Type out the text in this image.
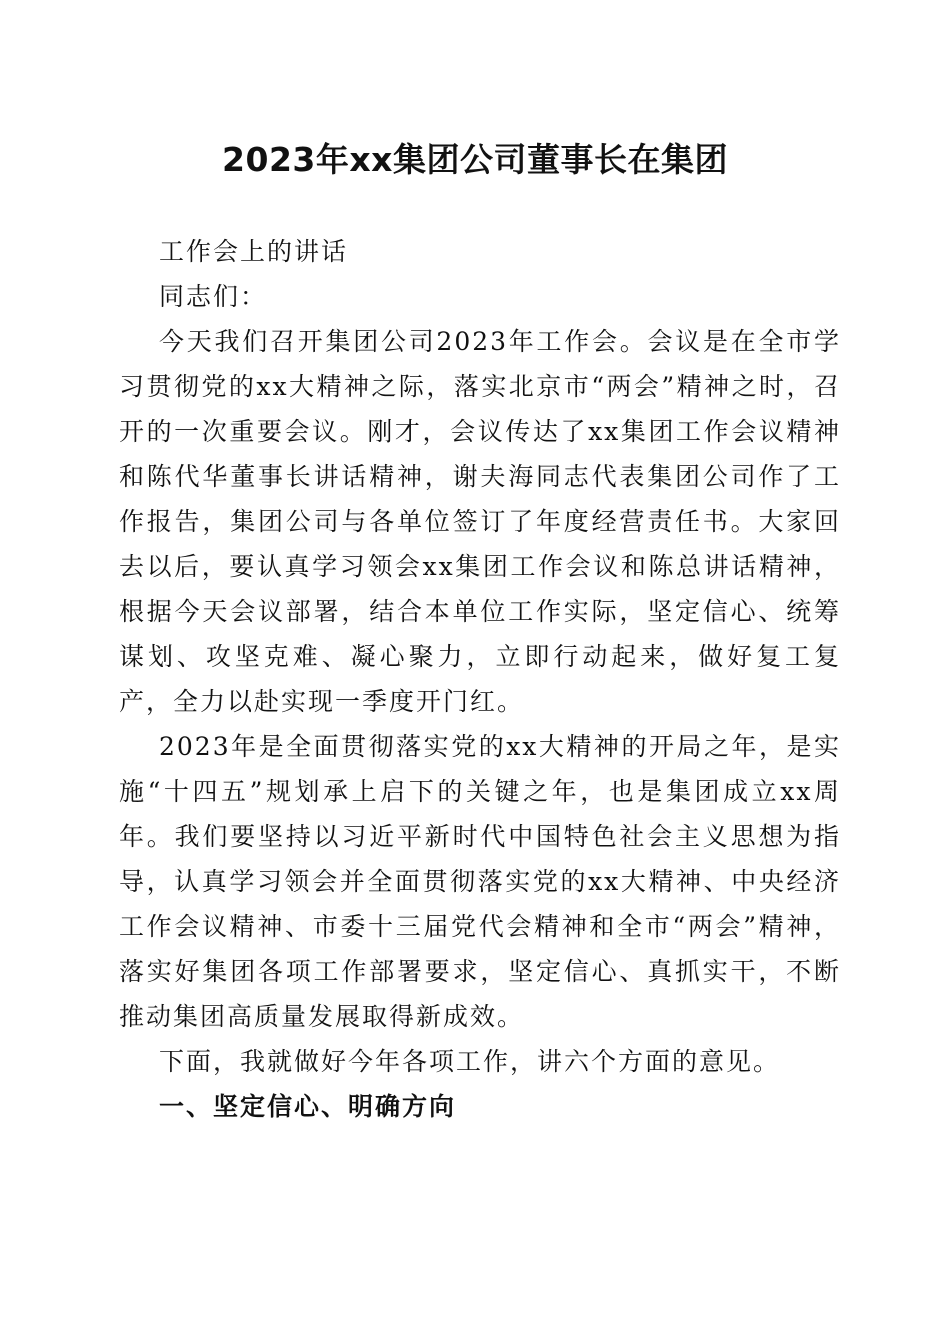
2023年xx集团公司董事长在集团

工作会上的讲话

同志们：

今天我们召开集团公司2023年工作会。会议是在全市学习贯彻党的xx大精神之际，落实北京市“两会”精神之时，召开的一次重要会议。刚才，会议传达了xx集团工作会议精神和陈代华董事长讲话精神，谢夫海同志代表集团公司作了工作报告，集团公司与各单位签订了年度经营责任书。大家回去以后，要认真学习领会xx集团工作会议和陈总讲话精神，根据今天会议部署，结合本单位工作实际，坚定信心、统筹谋划、攻坚克难、凝心聚力，立即行动起来，做好复工复产，全力以赴实现一季度开门红。

2023年是全面贯彻落实党的xx大精神的开局之年，是实施“十四五”规划承上启下的关键之年，也是集团成立xx周年。我们要坚持以习近平新时代中国特色社会主义思想为指导，认真学习领会并全面贯彻落实党的xx大精神、中央经济工作会议精神、市委十三届党代会精神和全市“两会”精神，落实好集团各项工作部署要求，坚定信心、真抓实干，不断推动集团高质量发展取得新成效。

下面，我就做好今年各项工作，讲六个方面的意见。

一、坚定信心、明确方向
